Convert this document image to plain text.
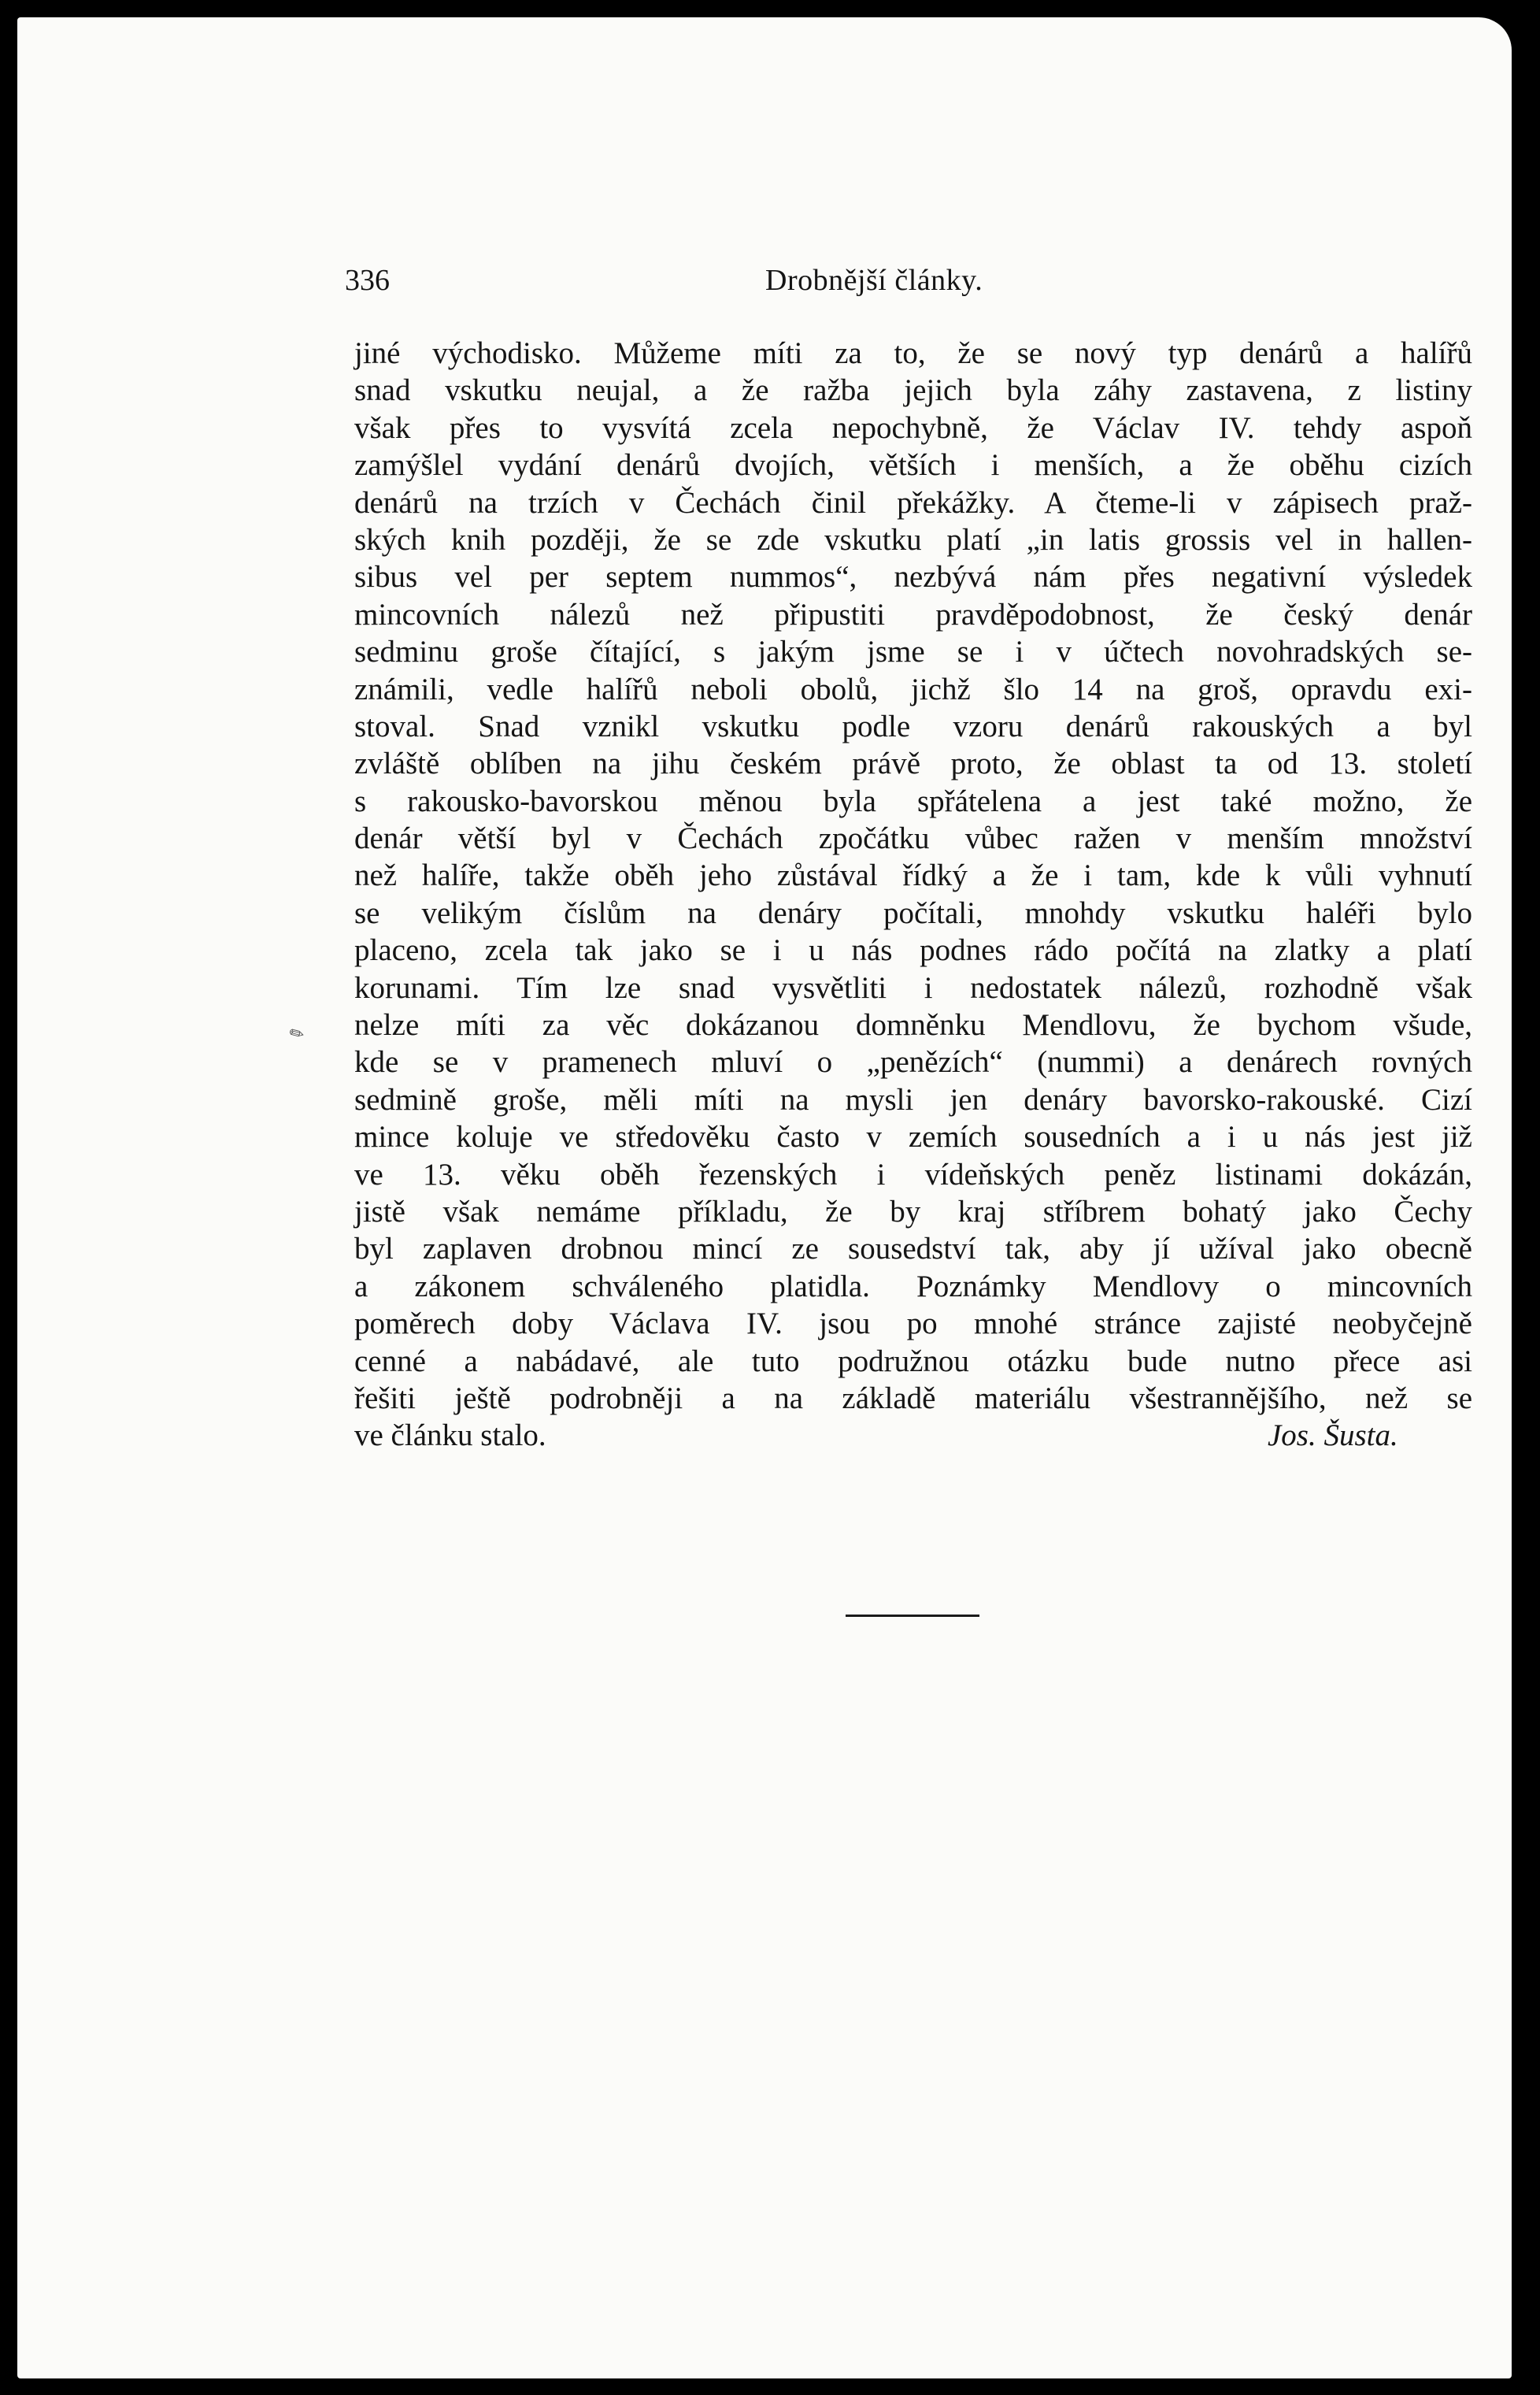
336	Drobnější články.
✎
jiné východisko. Můžeme míti za to, že se nový typ denárů a halířů
snad vskutku neujal, a že ražba jejich byla záhy zastavena, z listiny
však přes to vysvítá zcela nepochybně, že Václav IV. tehdy aspoň
zamýšlel vydání denárů dvojích, větších i menších, a že oběhu cizích
denárů na trzích v Čechách činil překážky. A čteme-li v zápisech praž-
ských knih později, že se zde vskutku platí „in latis grossis vel in hallen-
sibus vel per septem nummos“, nezbývá nám přes negativní výsledek
mincovních nálezů než připustiti pravděpodobnost, že český denár
sedminu groše čítající, s jakým jsme se i v účtech novohradských se-
známili, vedle halířů neboli obolů, jichž šlo 14 na groš, opravdu exi-
stoval. Snad vznikl vskutku podle vzoru denárů rakouských a byl
zvláště oblíben na jihu českém právě proto, že oblast ta od 13. století
s rakousko-bavorskou měnou byla spřátelena a jest také možno, že
denár větší byl v Čechách zpočátku vůbec ražen v menším množství
než halíře, takže oběh jeho zůstával řídký a že i tam, kde k vůli vyhnutí
se velikým číslům na denáry počítali, mnohdy vskutku haléři bylo
placeno, zcela tak jako se i u nás podnes rádo počítá na zlatky a platí
korunami. Tím lze snad vysvětliti i nedostatek nálezů, rozhodně však
nelze míti za věc dokázanou domněnku Mendlovu, že bychom všude,
kde se v pramenech mluví o „penězích“ (nummi) a denárech rovných
sedmině groše, měli míti na mysli jen denáry bavorsko-rakouské. Cizí
mince koluje ve středověku často v zemích sousedních a i u nás jest již
ve 13. věku oběh řezenských i vídeňských peněz listinami dokázán,
jistě však nemáme příkladu, že by kraj stříbrem bohatý jako Čechy
byl zaplaven drobnou mincí ze sousedství tak, aby jí užíval jako obecně
a zákonem schváleného platidla. Poznámky Mendlovy o mincovních
poměrech doby Václava IV. jsou po mnohé stránce zajisté neobyčejně
cenné a nabádavé, ale tuto podružnou otázku bude nutno přece asi
řešiti ještě podrobněji a na základě materiálu všestrannějšího, než se
ve článku stalo.	Jos. Šusta.
